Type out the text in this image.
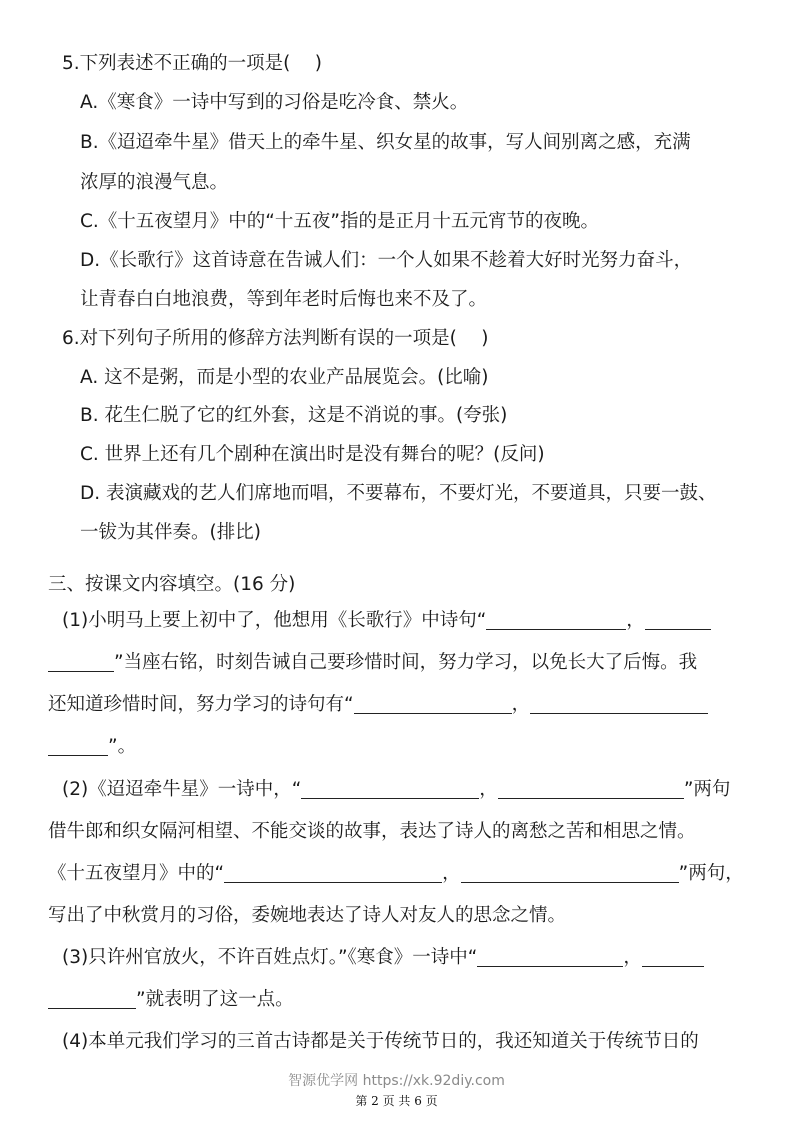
5.下列表述不正确的一项是(　 )
A.《寒食》一诗中写到的习俗是吃冷食、禁火。
B.《迢迢牵牛星》借天上的牵牛星、织女星的故事，写人间别离之感，充满
浓厚的浪漫气息。
C.《十五夜望月》中的“十五夜”指的是正月十五元宵节的夜晚。
D.《长歌行》这首诗意在告诫人们：一个人如果不趁着大好时光努力奋斗，
让青春白白地浪费，等到年老时后悔也来不及了。
6.对下列句子所用的修辞方法判断有误的一项是(　 )
A. 这不是粥，而是小型的农业产品展览会。(比喻)
B. 花生仁脱了它的红外套，这是不消说的事。(夸张)
C. 世界上还有几个剧种在演出时是没有舞台的呢？(反问)
D. 表演藏戏的艺人们席地而唱，不要幕布，不要灯光，不要道具，只要一鼓、
一钹为其伴奏。(排比)
三、按课文内容填空。(16 分)
(1)小明马上要上初中了，他想用《长歌行》中诗句“	，
”当座右铭，时刻告诫自己要珍惜时间，努力学习，以免长大了后悔。我
还知道珍惜时间，努力学习的诗句有“	，
”。
(2)《迢迢牵牛星》一诗中，“	，	”两句
借牛郎和织女隔河相望、不能交谈的故事，表达了诗人的离愁之苦和相思之情。
《十五夜望月》中的“	，	”两句，
写出了中秋赏月的习俗，委婉地表达了诗人对友人的思念之情。
(3)只许州官放火，不许百姓点灯。”《寒食》一诗中“	，
”就表明了这一点。
(4)本单元我们学习的三首古诗都是关于传统节日的，我还知道关于传统节日的
智源优学网 https://xk.92diy.com
第 2 页 共 6 页
